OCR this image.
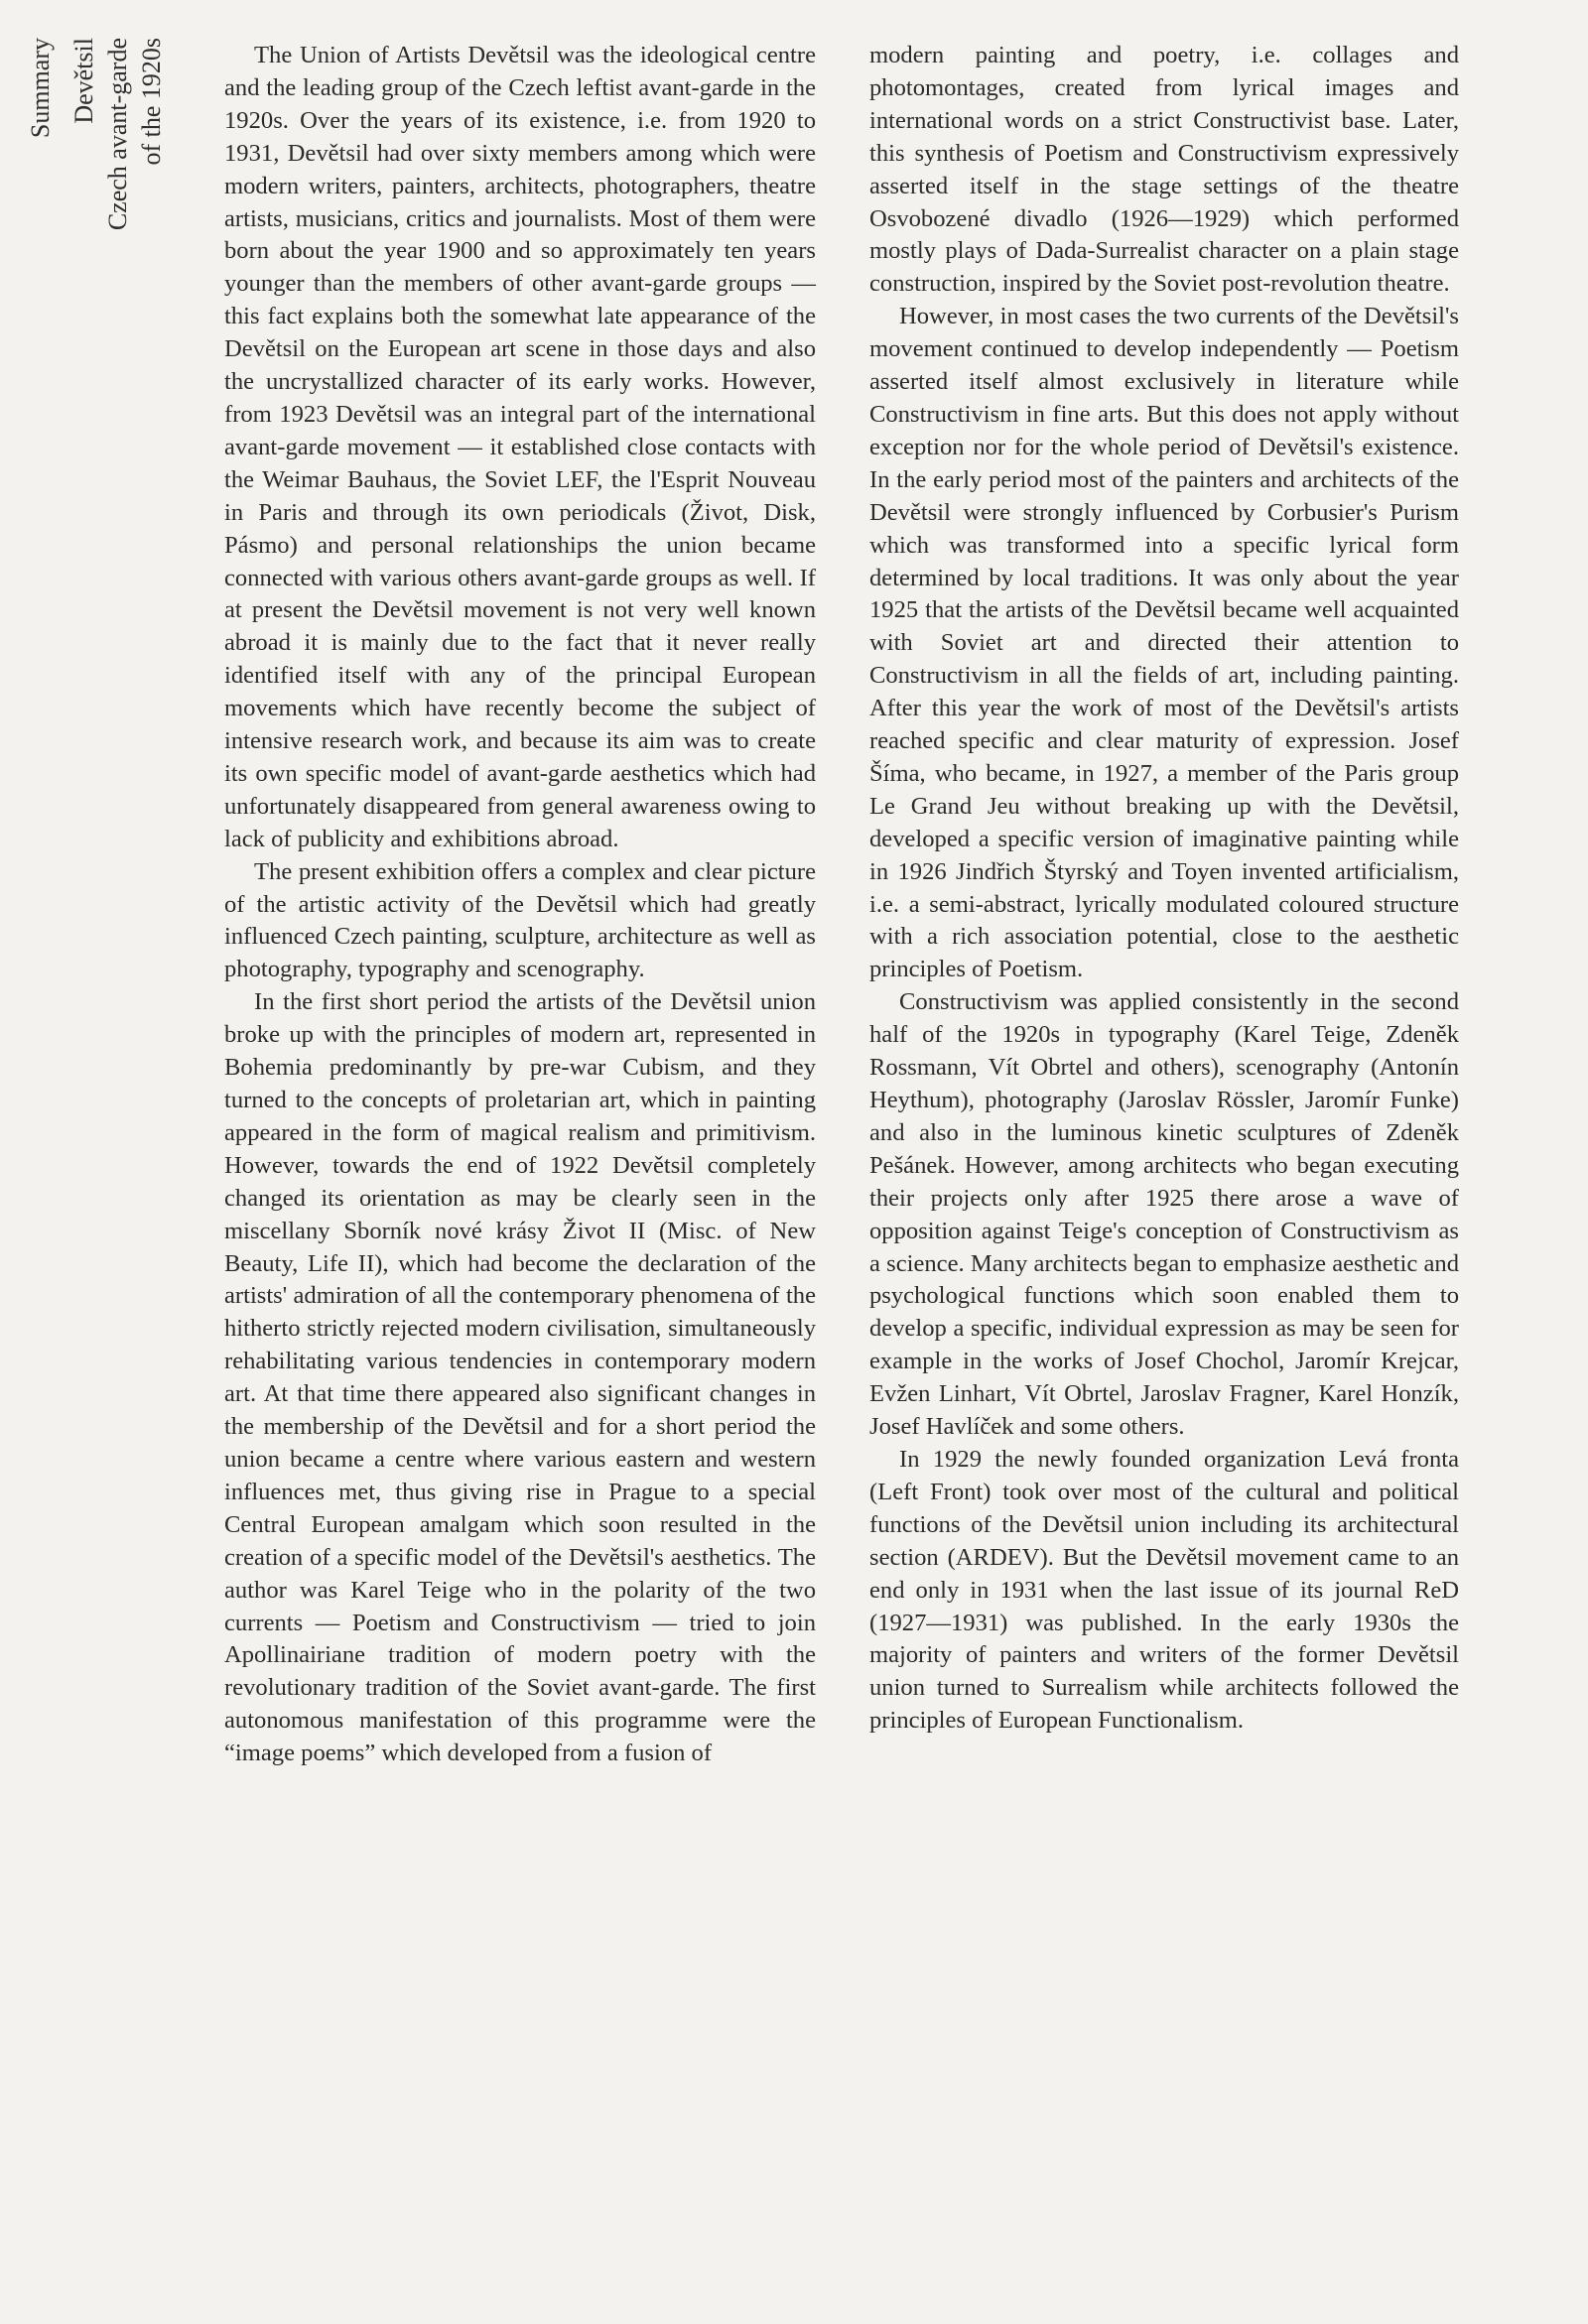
Summary Devětsil Czech avant-garde of the 1920s	The Union of Artists Devětsil was the ideological centre and the leading group of the Czech leftist avant-garde in the 1920s. Over the years of its existence, i.e. from 1920 to 1931, Devětsil had over sixty members among which were modern writers, painters, architects, photographers, theatre artists, musicians, critics and journalists. Most of them were born about the year 1900 and so approximately ten years younger than the members of other avant-garde groups — this fact explains both the somewhat late appearance of the Devětsil on the European art scene in those days and also the uncrystallized character of its early works. However, from 1923 Devětsil was an integral part of the international avant-garde movement — it established close contacts with the Weimar Bauhaus, the Soviet LEF, the l'Esprit Nouveau in Paris and through its own periodicals (Život, Disk, Pásmo) and personal relationships the union became connected with various others avant-garde groups as well. If at present the Devětsil movement is not very well known abroad it is mainly due to the fact that it never really identified itself with any of the principal European movements which have recently become the subject of intensive research work, and because its aim was to create its own specific model of avant-garde aesthetics which had unfortunately disappeared from general awareness owing to lack of publicity and exhibitions abroad.

The present exhibition offers a complex and clear picture of the artistic activity of the Devětsil which had greatly influenced Czech painting, sculpture, architecture as well as photography, typography and scenography.

In the first short period the artists of the Devětsil union broke up with the principles of modern art, represented in Bohemia predominantly by pre-war Cubism, and they turned to the concepts of proletarian art, which in painting appeared in the form of magical realism and primitivism. However, towards the end of 1922 Devětsil completely changed its orientation as may be clearly seen in the miscellany Sborník nové krásy Život II (Misc. of New Beauty, Life II), which had become the declaration of the artists' admiration of all the contemporary phenomena of the hitherto strictly rejected modern civilisation, simultaneously rehabilitating various tendencies in contemporary modern art. At that time there appeared also significant changes in the membership of the Devětsil and for a short period the union became a centre where various eastern and western influences met, thus giving rise in Prague to a special Central European amalgam which soon resulted in the creation of a specific model of the Devětsil's aesthetics. The author was Karel Teige who in the polarity of the two currents — Poetism and Constructivism — tried to join Apollinairiane tradition of modern poetry with the revolutionary tradition of the Soviet avant-garde. The first autonomous manifestation of this programme were the “image poems” which developed from a fusion of

modern painting and poetry, i.e. collages and photomontages, created from lyrical images and international words on a strict Constructivist base. Later, this synthesis of Poetism and Constructivism expressively asserted itself in the stage settings of the theatre Osvobozené divadlo (1926—1929) which performed mostly plays of Dada-Surrealist character on a plain stage construction, inspired by the Soviet post-revolution theatre.

However, in most cases the two currents of the Devětsil's movement continued to develop independently — Poetism asserted itself almost exclusively in literature while Constructivism in fine arts. But this does not apply without exception nor for the whole period of Devětsil's existence. In the early period most of the painters and architects of the Devětsil were strongly influenced by Corbusier's Purism which was transformed into a specific lyrical form determined by local traditions. It was only about the year 1925 that the artists of the Devětsil became well acquainted with Soviet art and directed their attention to Constructivism in all the fields of art, including painting. After this year the work of most of the Devětsil's artists reached specific and clear maturity of expression. Josef Šíma, who became, in 1927, a member of the Paris group Le Grand Jeu without breaking up with the Devětsil, developed a specific version of imaginative painting while in 1926 Jindřich Štyrský and Toyen invented artificialism, i.e. a semi-abstract, lyrically modulated coloured structure with a rich association potential, close to the aesthetic principles of Poetism.

Constructivism was applied consistently in the second half of the 1920s in typography (Karel Teige, Zdeněk Rossmann, Vít Obrtel and others), scenography (Antonín Heythum), photography (Jaroslav Rössler, Jaromír Funke) and also in the luminous kinetic sculptures of Zdeněk Pešánek. However, among architects who began executing their projects only after 1925 there arose a wave of opposition against Teige's conception of Constructivism as a science. Many architects began to emphasize aesthetic and psychological functions which soon enabled them to develop a specific, individual expression as may be seen for example in the works of Josef Chochol, Jaromír Krejcar, Evžen Linhart, Vít Obrtel, Jaroslav Fragner, Karel Honzík, Josef Havlíček and some others.

In 1929 the newly founded organization Levá fronta (Left Front) took over most of the cultural and political functions of the Devětsil union including its architectural section (ARDEV). But the Devětsil movement came to an end only in 1931 when the last issue of its journal ReD (1927—1931) was published. In the early 1930s the majority of painters and writers of the former Devětsil union turned to Surrealism while architects followed the principles of European Functionalism.
